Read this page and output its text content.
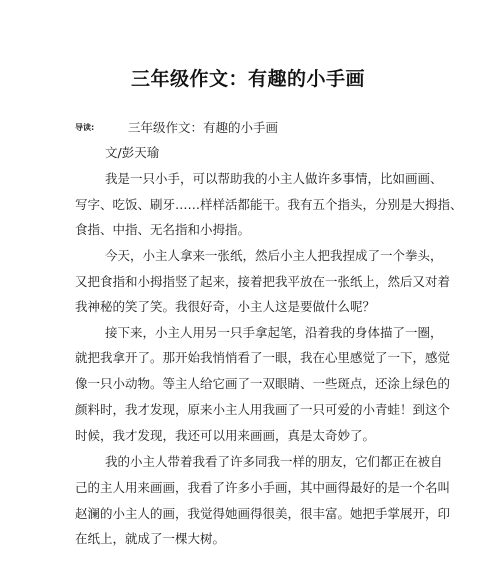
三年级作文：有趣的小手画
导读:	三年级作文：有趣的小手画
文/彭天瑜
我是一只小手，可以帮助我的小主人做许多事情，比如画画、
写字、吃饭、刷牙……样样活都能干。我有五个指头，分别是大拇指、
食指、中指、无名指和小拇指。
今天，小主人拿来一张纸，然后小主人把我捏成了一个拳头，
又把食指和小拇指竖了起来，接着把我平放在一张纸上，然后又对着
我神秘的笑了笑。我很好奇，小主人这是要做什么呢？
接下来，小主人用另一只手拿起笔，沿着我的身体描了一圈，
就把我拿开了。那开始我悄悄看了一眼，我在心里感觉了一下，感觉
像一只小动物。等主人给它画了一双眼睛、一些斑点，还涂上绿色的
颜料时，我才发现，原来小主人用我画了一只可爱的小青蛙！到这个
时候，我才发现，我还可以用来画画，真是太奇妙了。
我的小主人带着我看了许多同我一样的朋友，它们都正在被自
己的主人用来画画，我看了许多小手画，其中画得最好的是一个名叫
赵澜的小主人的画，我觉得她画得很美，很丰富。她把手掌展开，印
在纸上，就成了一棵大树。
